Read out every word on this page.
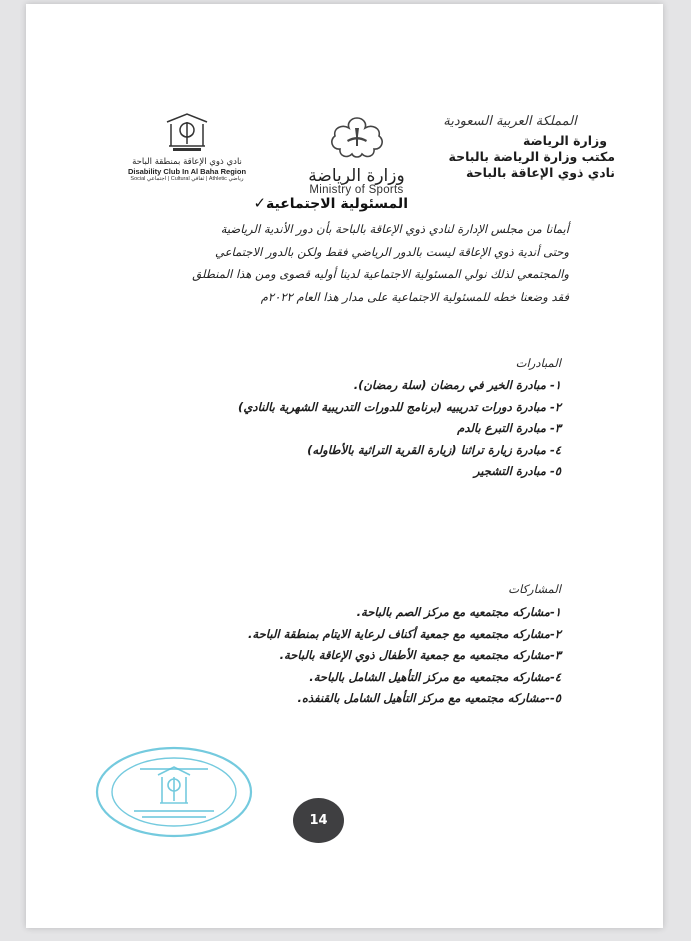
المملكة العربية السعودية
وزارة الرياضة
مكتب وزارة الرياضة بالباحة
نادي ذوي الإعاقة بالباحة
وزارة الرياضة
Ministry of Sports
نادي ذوي الإعاقة بمنطقة الباحة
Disability Club In Al Baha Region
Social اجتماعي | Cultural ثقافي | Athletic رياضي
المسئولية الاجتماعية✓
أيمانا من مجلس الإدارة لنادي ذوي الإعاقة بالباحة بأن دور الأندية الرياضية
وحتى أندية ذوي الإعاقة ليست بالدور الرياضي فقط ولكن بالدور الاجتماعي
والمجتمعي لذلك نولي المسئولية الاجتماعية لدينا أوليه قصوى ومن هذا المنطلق
فقد وضعنا خطه للمسئولية الاجتماعية على مدار هذا العام ٢٠٢٢م
المبادرات
١- مبادرة الخير في رمضان (سلة رمضان).
٢- مبادرة دورات تدريبيه (برنامج للدورات التدريبية الشهرية بالنادي)
٣- مبادرة التبرع بالدم
٤- مبادرة زيارة تراثنا (زيارة القرية التراثية بالأطاوله)
٥- مبادرة التشجير
المشاركات
١-مشاركه مجتمعيه مع مركز الصم بالباحة.
٢-مشاركه مجتمعيه مع جمعية أكناف لرعاية الايتام بمنطقة الباحة.
٣-مشاركه مجتمعيه مع جمعية الأطفال ذوي الإعاقة بالباحة.
٤-مشاركه مجتمعيه مع مركز التأهيل الشامل بالباحة.
٥--مشاركه مجتمعيه مع مركز التأهيل الشامل بالقنفذه.
14
